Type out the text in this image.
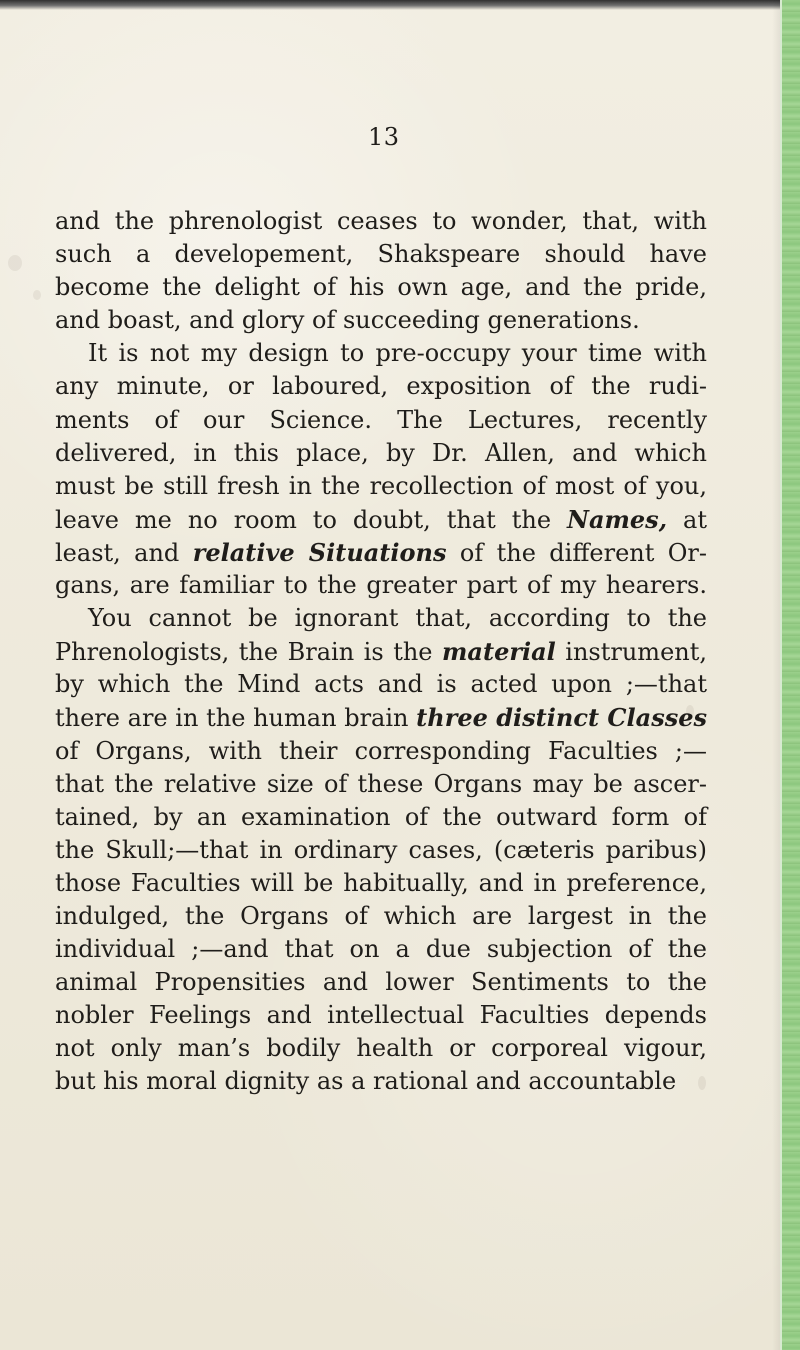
13
and the phrenologist ceases to wonder, that, with
such a developement, Shakspeare should have
become the delight of his own age, and the pride,
and boast, and glory of succeeding generations.
It is not my design to pre-occupy your time with
any minute, or laboured, exposition of the rudi-
ments of our Science. The Lectures, recently
delivered, in this place, by Dr. Allen, and which
must be still fresh in the recollection of most of you,
leave me no room to doubt, that the Names, at
least, and relative Situations of the different Or-
gans, are familiar to the greater part of my hearers.
You cannot be ignorant that, according to the
Phrenologists, the Brain is the material instrument,
by which the Mind acts and is acted upon ;—that
there are in the human brain three distinct Classes
of Organs, with their corresponding Faculties ;—
that the relative size of these Organs may be ascer-
tained, by an examination of the outward form of
the Skull;—that in ordinary cases, (cæteris paribus)
those Faculties will be habitually, and in preference,
indulged, the Organs of which are largest in the
individual ;—and that on a due subjection of the
animal Propensities and lower Sentiments to the
nobler Feelings and intellectual Faculties depends
not only man’s bodily health or corporeal vigour,
but his moral dignity as a rational and accountable
